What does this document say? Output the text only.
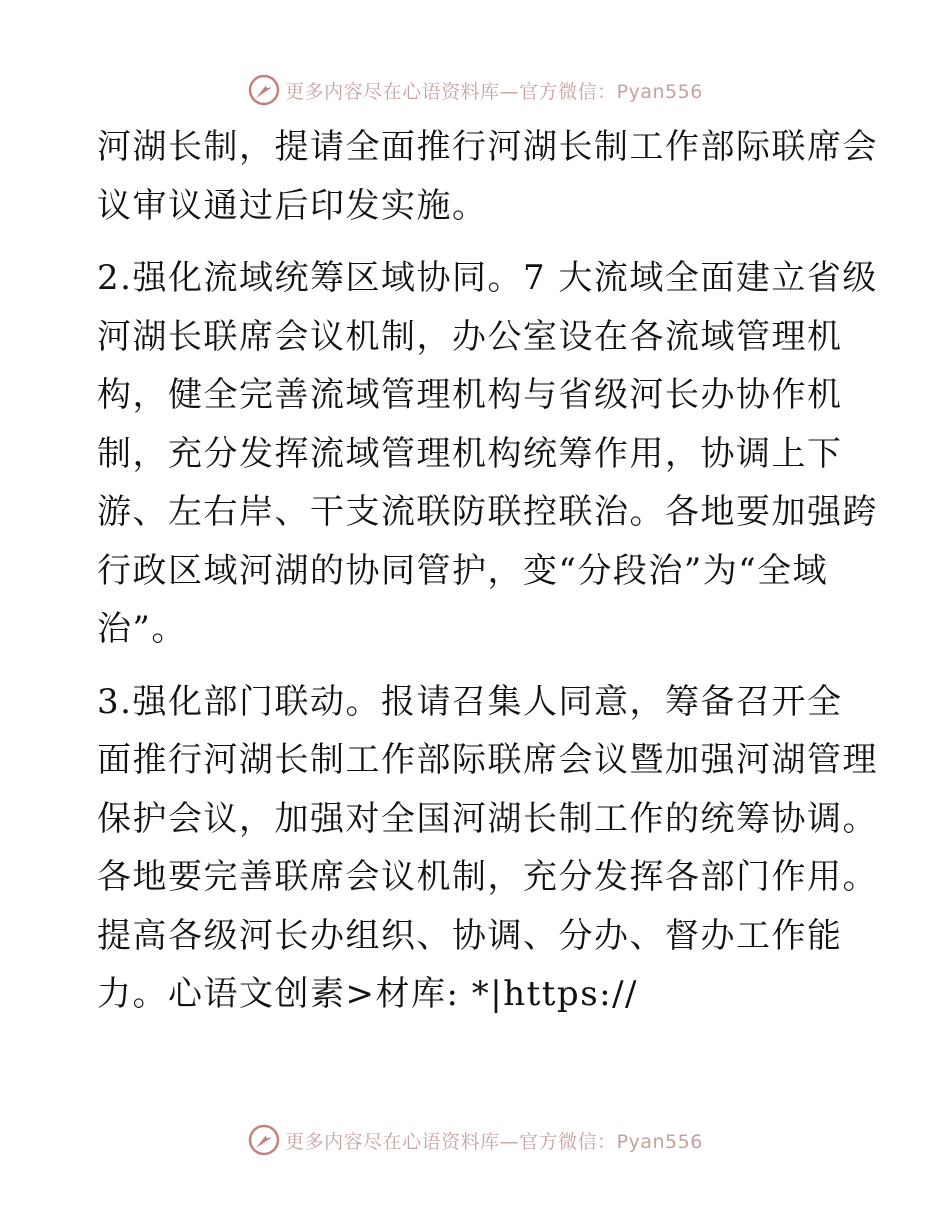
更多内容尽在心语资料库—官方微信：Pyan556

河湖长制，提请全面推行河湖长制工作部际联席会
议审议通过后印发实施。

2.强化流域统筹区域协同。7 大流域全面建立省级
河湖长联席会议机制，办公室设在各流域管理机
构，健全完善流域管理机构与省级河长办协作机
制，充分发挥流域管理机构统筹作用，协调上下
游、左右岸、干支流联防联控联治。各地要加强跨
行政区域河湖的协同管护，变“分段治”为“全域
治”。

3.强化部门联动。报请召集人同意，筹备召开全
面推行河湖长制工作部际联席会议暨加强河湖管理
保护会议，加强对全国河湖长制工作的统筹协调。
各地要完善联席会议机制，充分发挥各部门作用。
提高各级河长办组织、协调、分办、督办工作能
力。心语文创素>材库: *|https://

更多内容尽在心语资料库—官方微信：Pyan556
